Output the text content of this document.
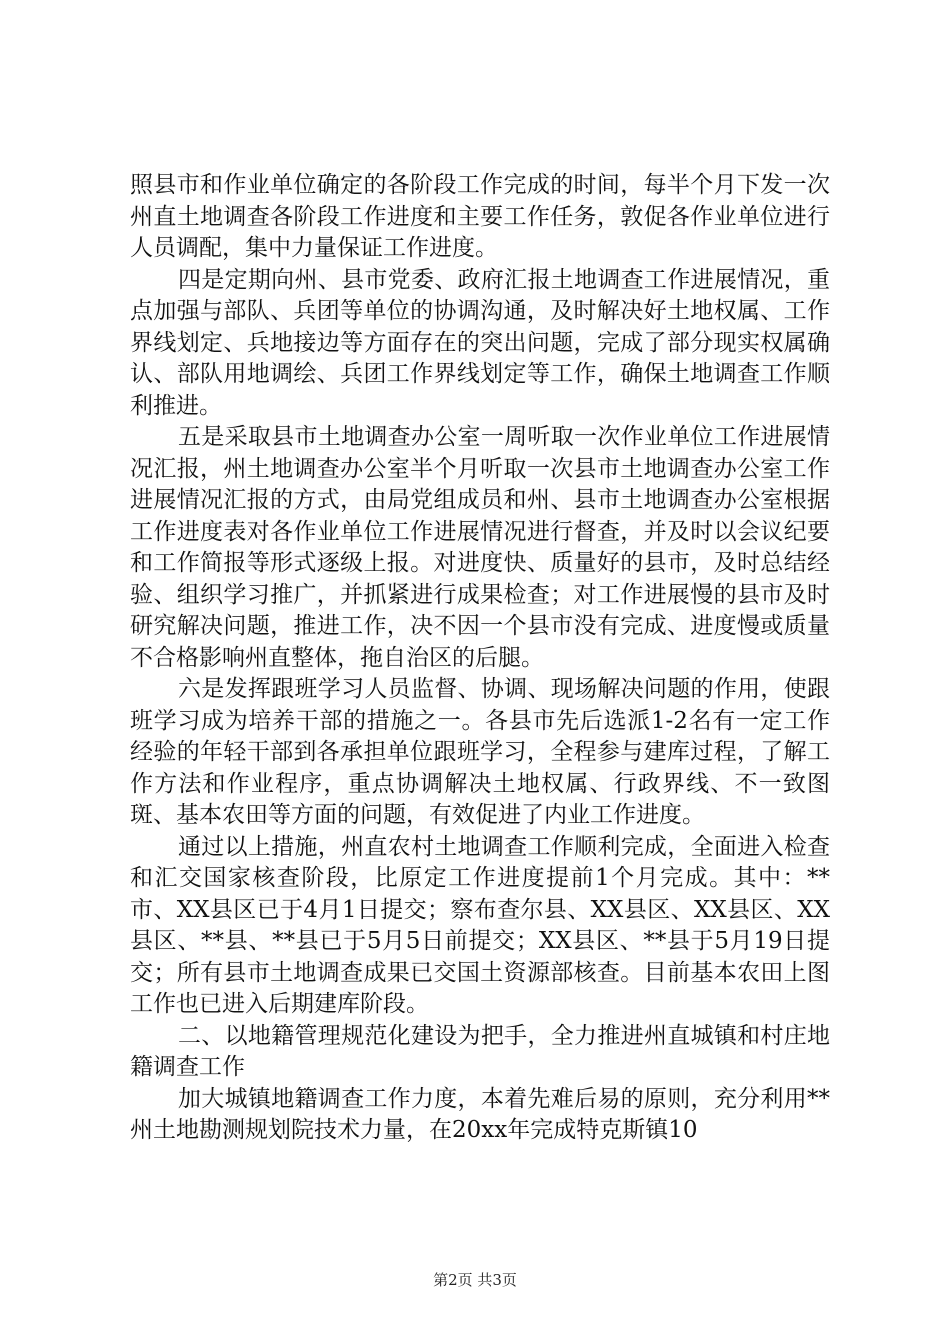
照县市和作业单位确定的各阶段工作完成的时间，每半个月下发一次州直土地调查各阶段工作进度和主要工作任务，敦促各作业单位进行人员调配，集中力量保证工作进度。

四是定期向州、县市党委、政府汇报土地调查工作进展情况，重点加强与部队、兵团等单位的协调沟通，及时解决好土地权属、工作界线划定、兵地接边等方面存在的突出问题，完成了部分现实权属确认、部队用地调绘、兵团工作界线划定等工作，确保土地调查工作顺利推进。

五是采取县市土地调查办公室一周听取一次作业单位工作进展情况汇报，州土地调查办公室半个月听取一次县市土地调查办公室工作进展情况汇报的方式，由局党组成员和州、县市土地调查办公室根据工作进度表对各作业单位工作进展情况进行督查，并及时以会议纪要和工作简报等形式逐级上报。对进度快、质量好的县市，及时总结经验、组织学习推广，并抓紧进行成果检查；对工作进展慢的县市及时研究解决问题，推进工作，决不因一个县市没有完成、进度慢或质量不合格影响州直整体，拖自治区的后腿。

六是发挥跟班学习人员监督、协调、现场解决问题的作用，使跟班学习成为培养干部的措施之一。各县市先后选派1-2名有一定工作经验的年轻干部到各承担单位跟班学习，全程参与建库过程，了解工作方法和作业程序，重点协调解决土地权属、行政界线、不一致图斑、基本农田等方面的问题，有效促进了内业工作进度。

通过以上措施，州直农村土地调查工作顺利完成，全面进入检查和汇交国家核查阶段，比原定工作进度提前1个月完成。其中：**市、XX县区已于4月1日提交；察布查尔县、XX县区、XX县区、XX县区、**县、**县已于5月5日前提交；XX县区、**县于5月19日提交；所有县市土地调查成果已交国土资源部核查。目前基本农田上图工作也已进入后期建库阶段。

二、以地籍管理规范化建设为把手，全力推进州直城镇和村庄地籍调查工作

加大城镇地籍调查工作力度，本着先难后易的原则，充分利用**州土地勘测规划院技术力量，在20xx年完成特克斯镇10

第2页 共3页
